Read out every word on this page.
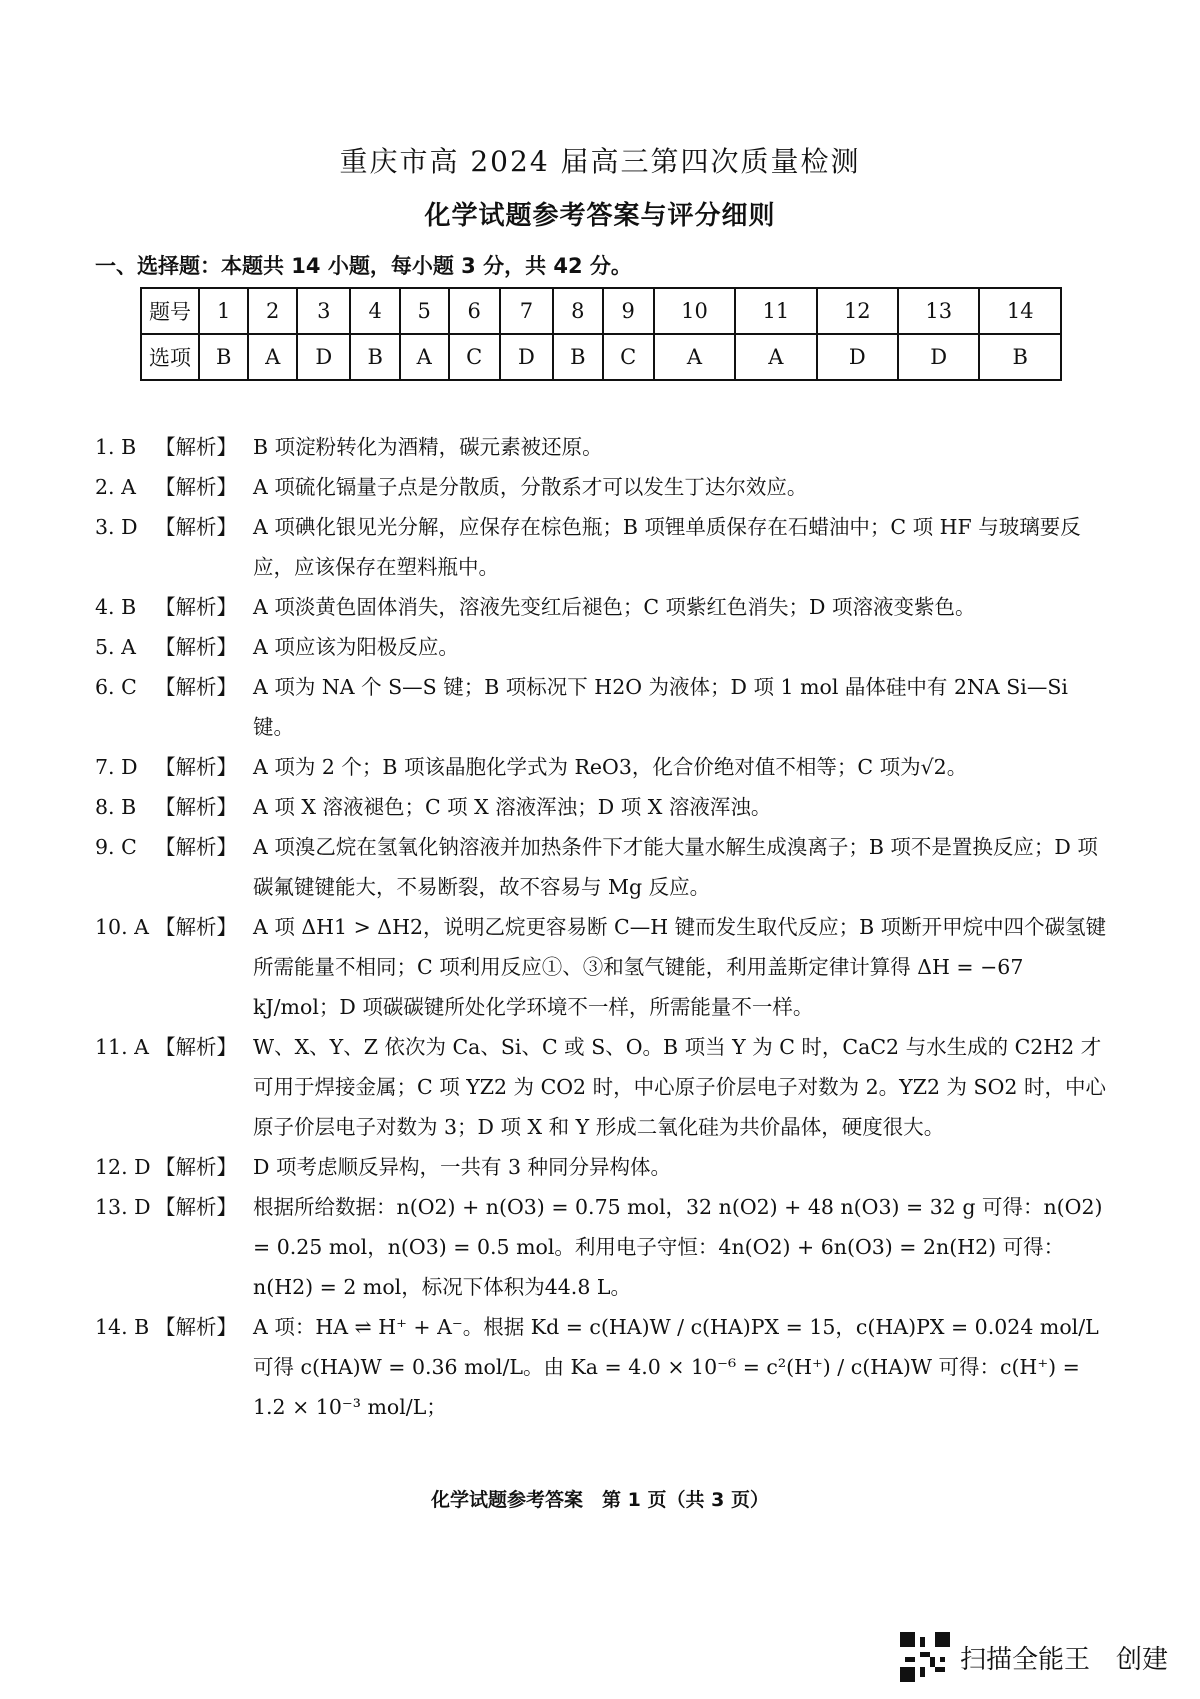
重庆市高 2024 届高三第四次质量检测
化学试题参考答案与评分细则
一、选择题：本题共 14 小题，每小题 3 分，共 42 分。
题号	1	2	3	4	5	6	7	8	9	10	11	12	13	14
选项	B	A	D	B	A	C	D	B	C	A	A	D	D	B
1. B 【解析】 B 项淀粉转化为酒精，碳元素被还原。
2. A 【解析】 A 项硫化镉量子点是分散质，分散系才可以发生丁达尔效应。
3. D 【解析】 A 项碘化银见光分解，应保存在棕色瓶；B 项锂单质保存在石蜡油中；C 项 HF 与玻璃要反应，应该保存在塑料瓶中。
4. B 【解析】 A 项淡黄色固体消失，溶液先变红后褪色；C 项紫红色消失；D 项溶液变紫色。
5. A 【解析】 A 项应该为阳极反应。
6. C 【解析】 A 项为 NA 个 S—S 键；B 项标况下 H2O 为液体；D 项 1 mol 晶体硅中有 2NA Si—Si 键。
7. D 【解析】 A 项为 2 个；B 项该晶胞化学式为 ReO3，化合价绝对值不相等；C 项为√2。
8. B 【解析】 A 项 X 溶液褪色；C 项 X 溶液浑浊；D 项 X 溶液浑浊。
9. C 【解析】 A 项溴乙烷在氢氧化钠溶液并加热条件下才能大量水解生成溴离子；B 项不是置换反应；D 项碳氟键键能大，不易断裂，故不容易与 Mg 反应。
10. A 【解析】 A 项 ΔH1 > ΔH2，说明乙烷更容易断 C—H 键而发生取代反应；B 项断开甲烷中四个碳氢键所需能量不相同；C 项利用反应①、③和氢气键能，利用盖斯定律计算得 ΔH = −67 kJ/mol；D 项碳碳键所处化学环境不一样，所需能量不一样。
11. A 【解析】 W、X、Y、Z 依次为 Ca、Si、C 或 S、O。B 项当 Y 为 C 时，CaC2 与水生成的 C2H2 才可用于焊接金属；C 项 YZ2 为 CO2 时，中心原子价层电子对数为 2。YZ2 为 SO2 时，中心原子价层电子对数为 3；D 项 X 和 Y 形成二氧化硅为共价晶体，硬度很大。
12. D 【解析】 D 项考虑顺反异构，一共有 3 种同分异构体。
13. D 【解析】 根据所给数据：n(O2) + n(O3) = 0.75 mol，32 n(O2) + 48 n(O3) = 32 g 可得：n(O2) = 0.25 mol，n(O3) = 0.5 mol。利用电子守恒：4n(O2) + 6n(O3) = 2n(H2) 可得：n(H2) = 2 mol，标况下体积为44.8 L。
14. B 【解析】 A 项：HA ⇌ H⁺ + A⁻。根据 Kd = c(HA)W / c(HA)PX = 15，c(HA)PX = 0.024 mol/L 可得 c(HA)W = 0.36 mol/L。由 Ka = 4.0 × 10⁻⁶ = c²(H⁺) / c(HA)W 可得：c(H⁺) = 1.2 × 10⁻³ mol/L；
化学试题参考答案　第 1 页（共 3 页）
扫描全能王　创建
